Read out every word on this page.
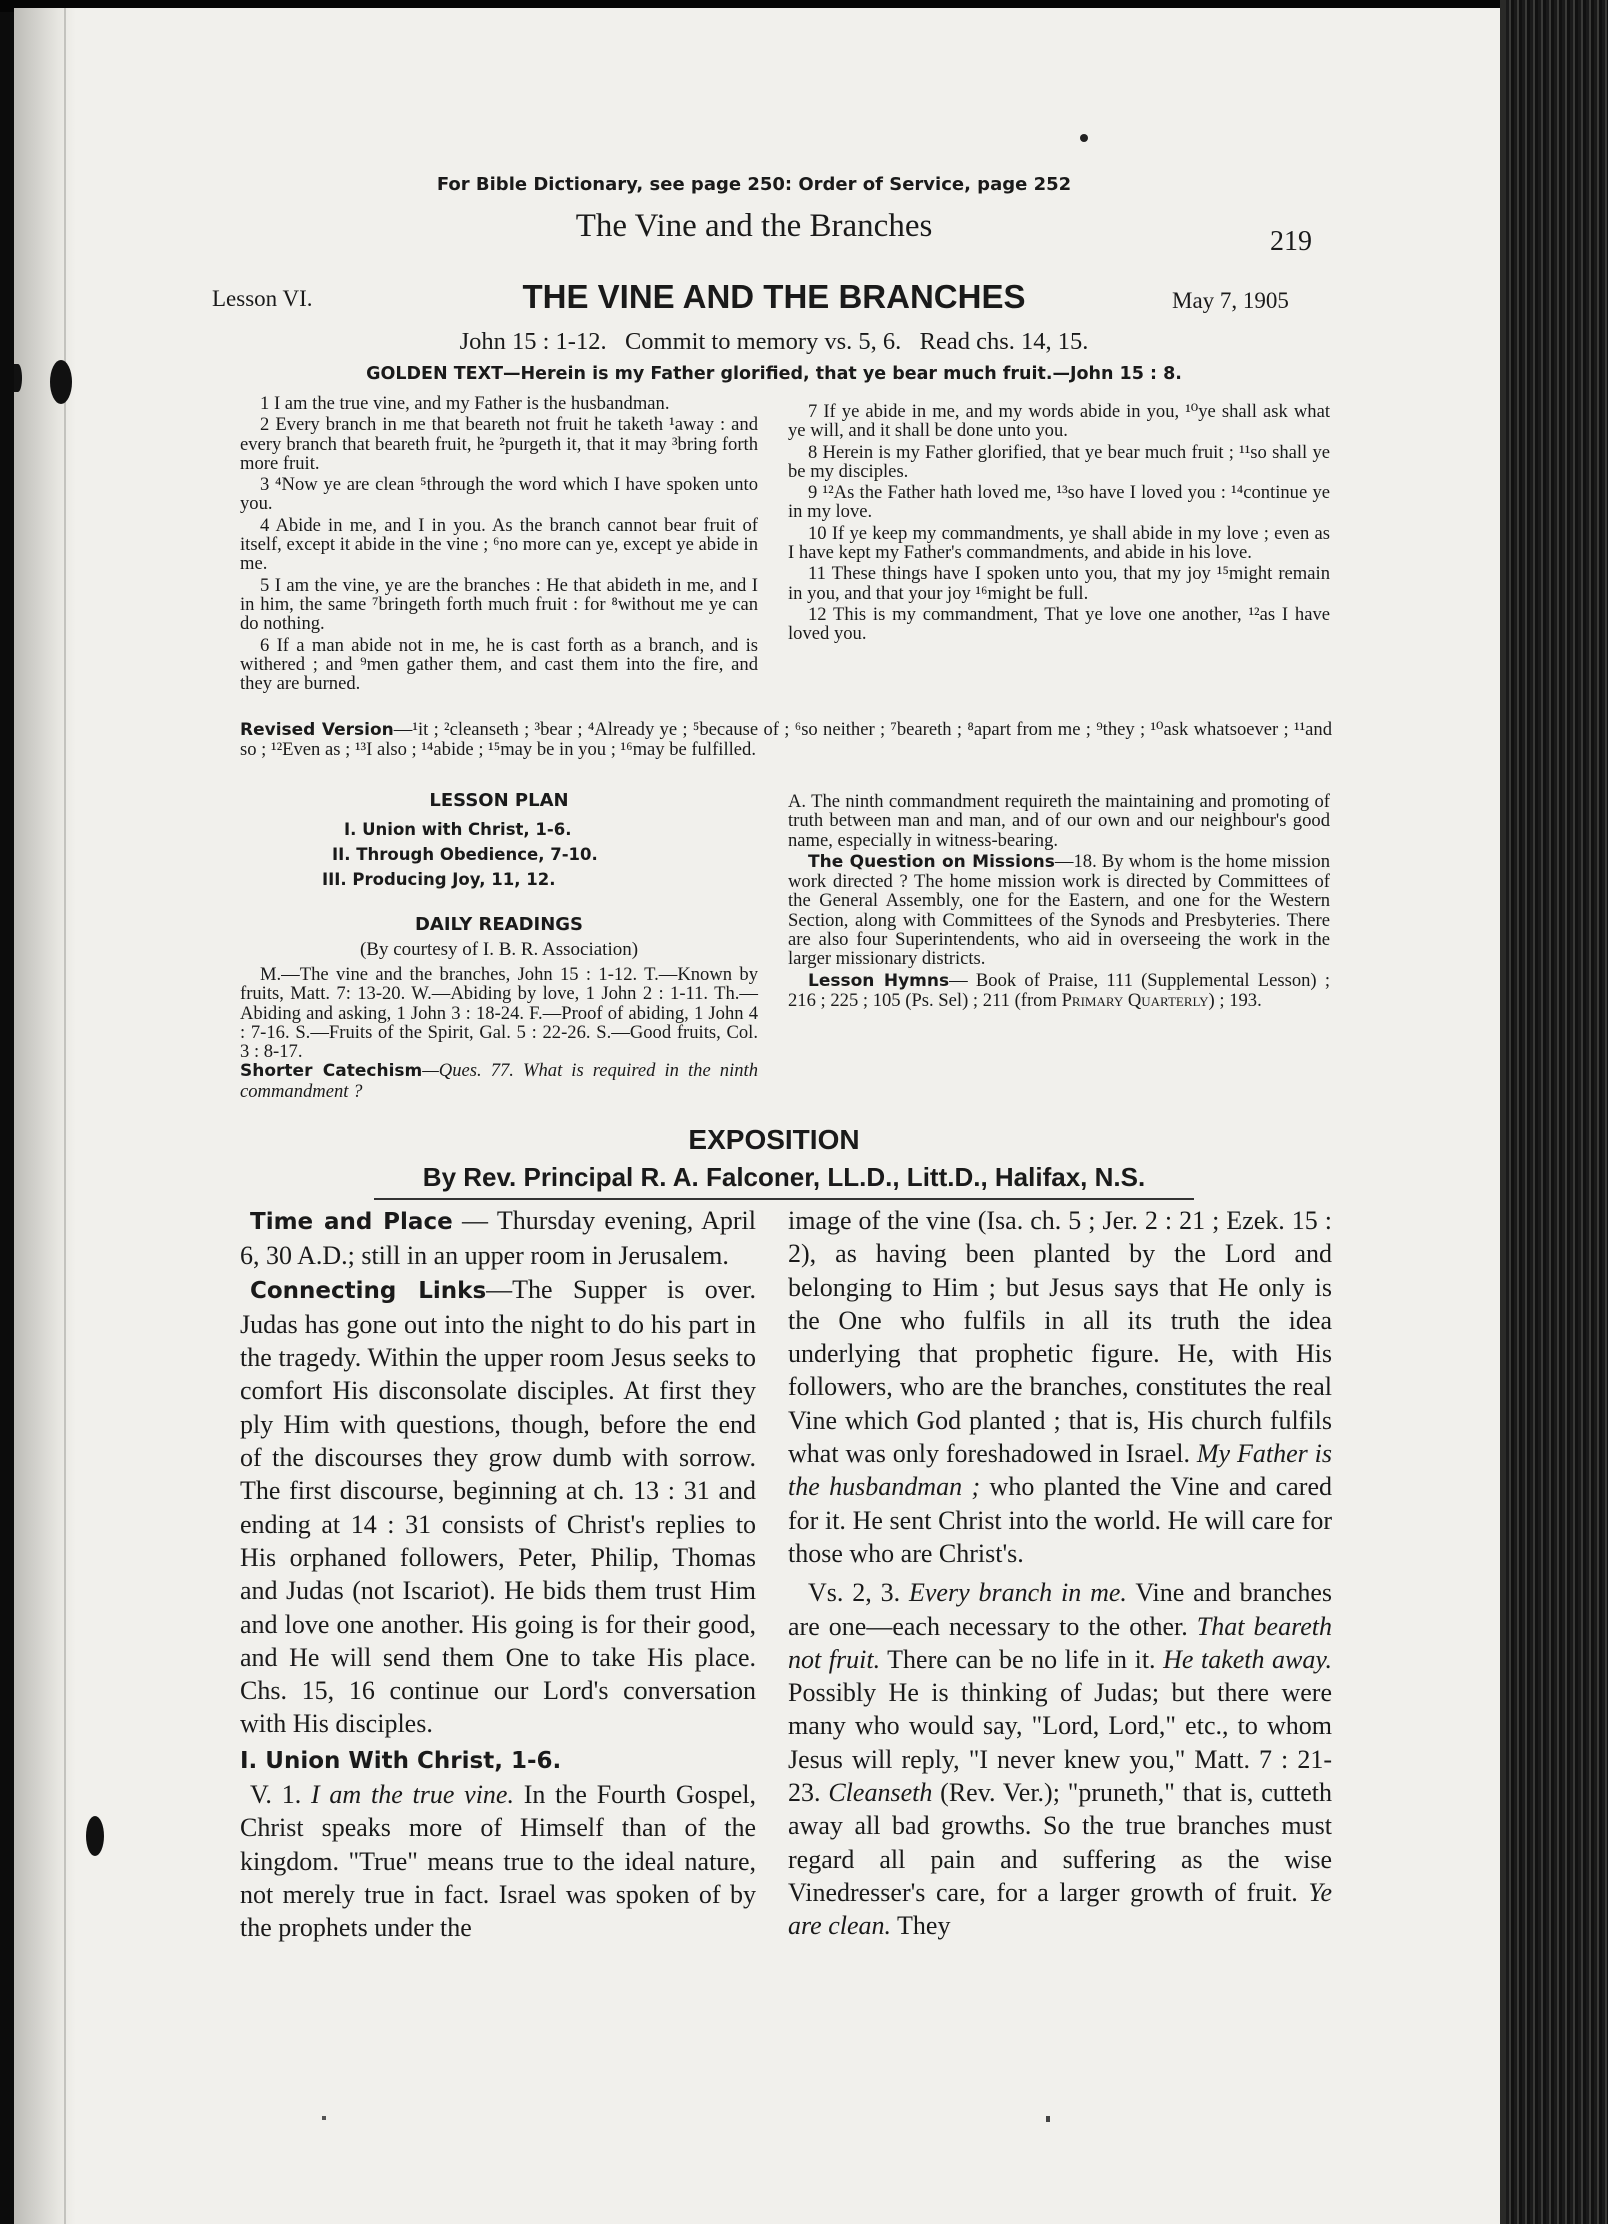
For Bible Dictionary, see page 250: Order of Service, page 252

The Vine and the Branches	219

Lesson VI.	THE VINE AND THE BRANCHES	May 7, 1905

John 15 : 1-12.   Commit to memory vs. 5, 6.   Read chs. 14, 15.

GOLDEN TEXT—Herein is my Father glorified, that ye bear much fruit.—John 15 : 8.

1 I am the true vine, and my Father is the husbandman.

2 Every branch in me that beareth not fruit he taketh ¹away : and every branch that beareth fruit, he ²purgeth it, that it may ³bring forth more fruit.

3 ⁴Now ye are clean ⁵through the word which I have spoken unto you.

4 Abide in me, and I in you. As the branch cannot bear fruit of itself, except it abide in the vine ; ⁶no more can ye, except ye abide in me.

5 I am the vine, ye are the branches : He that abideth in me, and I in him, the same ⁷bringeth forth much fruit : for ⁸without me ye can do nothing.

6 If a man abide not in me, he is cast forth as a branch, and is withered ; and ⁹men gather them, and cast them into the fire, and they are burned.

7 If ye abide in me, and my words abide in you, ¹⁰ye shall ask what ye will, and it shall be done unto you.

8 Herein is my Father glorified, that ye bear much fruit ; ¹¹so shall ye be my disciples.

9 ¹²As the Father hath loved me, ¹³so have I loved you : ¹⁴continue ye in my love.

10 If ye keep my commandments, ye shall abide in my love ; even as I have kept my Father's commandments, and abide in his love.

11 These things have I spoken unto you, that my joy ¹⁵might remain in you, and that your joy ¹⁶might be full.

12 This is my commandment, That ye love one another, ¹²as I have loved you.

Revised Version—¹it ; ²cleanseth ; ³bear ; ⁴Already ye ; ⁵because of ; ⁶so neither ; ⁷beareth ; ⁸apart from me ; ⁹they ; ¹⁰ask whatsoever ; ¹¹and so ; ¹²Even as ; ¹³I also ; ¹⁴abide ; ¹⁵may be in you ; ¹⁶may be fulfilled.

LESSON PLAN

I. Union with Christ, 1-6.

II. Through Obedience, 7-10.

III. Producing Joy, 11, 12.

DAILY READINGS

(By courtesy of I. B. R. Association)

M.—The vine and the branches, John 15 : 1-12. T.—Known by fruits, Matt. 7: 13-20. W.—Abiding by love, 1 John 2 : 1-11. Th.—Abiding and asking, 1 John 3 : 18-24. F.—Proof of abiding, 1 John 4 : 7-16. S.—Fruits of the Spirit, Gal. 5 : 22-26. S.—Good fruits, Col. 3 : 8-17.

Shorter Catechism—Ques. 77. What is required in the ninth commandment ?

A. The ninth commandment requireth the maintaining and promoting of truth between man and man, and of our own and our neighbour's good name, especially in witness-bearing.

The Question on Missions—18. By whom is the home mission work directed ? The home mission work is directed by Committees of the General Assembly, one for the Eastern, and one for the Western Section, along with Committees of the Synods and Presbyteries. There are also four Superintendents, who aid in overseeing the work in the larger missionary districts.

Lesson Hymns— Book of Praise, 111 (Supplemental Lesson) ; 216 ; 225 ; 105 (Ps. Sel) ; 211 (from Primary Quarterly) ; 193.

EXPOSITION

By Rev. Principal R. A. Falconer, LL.D., Litt.D., Halifax, N.S.

Time and Place — Thursday evening, April 6, 30 A.D.; still in an upper room in Jerusalem.

Connecting Links—The Supper is over. Judas has gone out into the night to do his part in the tragedy. Within the upper room Jesus seeks to comfort His disconsolate disciples. At first they ply Him with questions, though, before the end of the discourses they grow dumb with sorrow. The first discourse, beginning at ch. 13 : 31 and ending at 14 : 31 consists of Christ's replies to His orphaned followers, Peter, Philip, Thomas and Judas (not Iscariot). He bids them trust Him and love one another. His going is for their good, and He will send them One to take His place. Chs. 15, 16 continue our Lord's conversation with His disciples.

I. Union With Christ, 1-6.

V. 1. I am the true vine. In the Fourth Gospel, Christ speaks more of Himself than of the kingdom. "True" means true to the ideal nature, not merely true in fact. Israel was spoken of by the prophets under the

image of the vine (Isa. ch. 5 ; Jer. 2 : 21 ; Ezek. 15 : 2), as having been planted by the Lord and belonging to Him ; but Jesus says that He only is the One who fulfils in all its truth the idea underlying that prophetic figure. He, with His followers, who are the branches, constitutes the real Vine which God planted ; that is, His church fulfils what was only foreshadowed in Israel. My Father is the husbandman ; who planted the Vine and cared for it. He sent Christ into the world. He will care for those who are Christ's.

Vs. 2, 3. Every branch in me. Vine and branches are one—each necessary to the other. That beareth not fruit. There can be no life in it. He taketh away. Possibly He is thinking of Judas; but there were many who would say, "Lord, Lord," etc., to whom Jesus will reply, "I never knew you," Matt. 7 : 21-23. Cleanseth (Rev. Ver.); "pruneth," that is, cutteth away all bad growths. So the true branches must regard all pain and suffering as the wise Vinedresser's care, for a larger growth of fruit. Ye are clean. They
